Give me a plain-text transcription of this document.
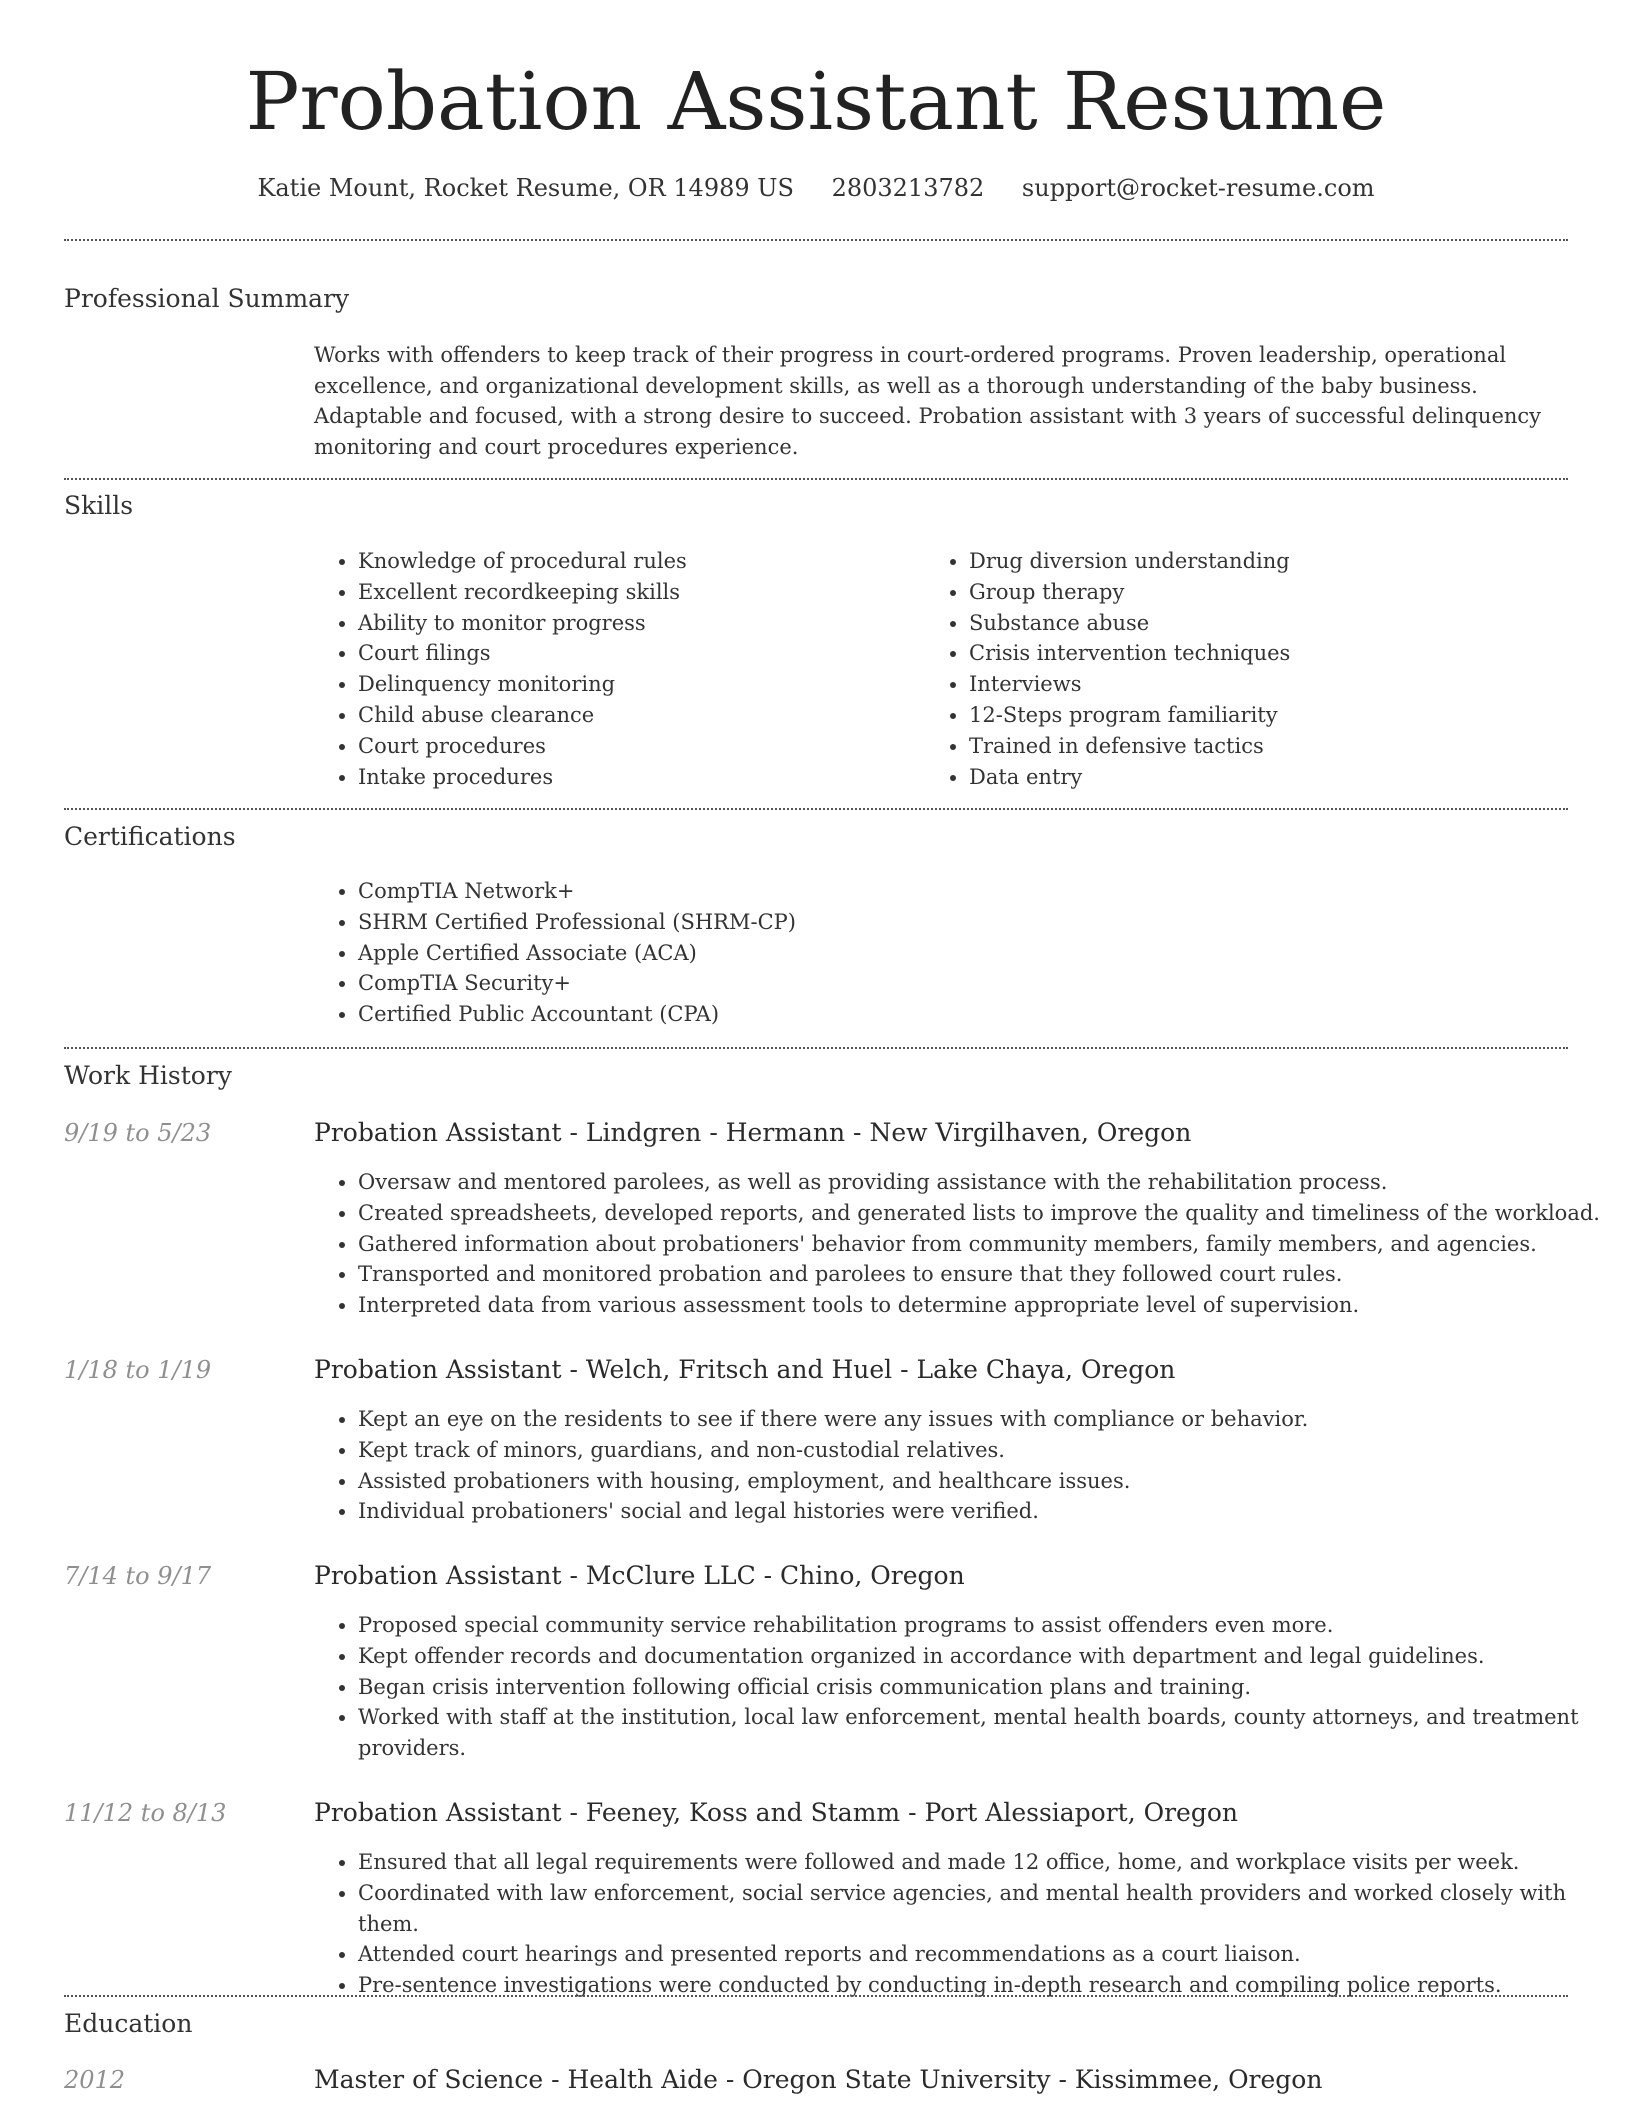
Probation Assistant Resume
Katie Mount, Rocket Resume, OR 14989 US 2803213782 support@rocket-resume.com
Professional Summary
Works with offenders to keep track of their progress in court-ordered programs. Proven leadership, operational excellence, and organizational development skills, as well as a thorough understanding of the baby business. Adaptable and focused, with a strong desire to succeed. Probation assistant with 3 years of successful delinquency monitoring and court procedures experience.
Skills
• Knowledge of procedural rules
• Excellent recordkeeping skills
• Ability to monitor progress
• Court filings
• Delinquency monitoring
• Child abuse clearance
• Court procedures
• Intake procedures
• Drug diversion understanding
• Group therapy
• Substance abuse
• Crisis intervention techniques
• Interviews
• 12-Steps program familiarity
• Trained in defensive tactics
• Data entry
Certifications
• CompTIA Network+
• SHRM Certified Professional (SHRM-CP)
• Apple Certified Associate (ACA)
• CompTIA Security+
• Certified Public Accountant (CPA)
Work History
9/19 to 5/23	Probation Assistant - Lindgren - Hermann - New Virgilhaven, Oregon
• Oversaw and mentored parolees, as well as providing assistance with the rehabilitation process.
• Created spreadsheets, developed reports, and generated lists to improve the quality and timeliness of the workload.
• Gathered information about probationers' behavior from community members, family members, and agencies.
• Transported and monitored probation and parolees to ensure that they followed court rules.
• Interpreted data from various assessment tools to determine appropriate level of supervision.
1/18 to 1/19	Probation Assistant - Welch, Fritsch and Huel - Lake Chaya, Oregon
• Kept an eye on the residents to see if there were any issues with compliance or behavior.
• Kept track of minors, guardians, and non-custodial relatives.
• Assisted probationers with housing, employment, and healthcare issues.
• Individual probationers' social and legal histories were verified.
7/14 to 9/17	Probation Assistant - McClure LLC - Chino, Oregon
• Proposed special community service rehabilitation programs to assist offenders even more.
• Kept offender records and documentation organized in accordance with department and legal guidelines.
• Began crisis intervention following official crisis communication plans and training.
• Worked with staff at the institution, local law enforcement, mental health boards, county attorneys, and treatment providers.
11/12 to 8/13	Probation Assistant - Feeney, Koss and Stamm - Port Alessiaport, Oregon
• Ensured that all legal requirements were followed and made 12 office, home, and workplace visits per week.
• Coordinated with law enforcement, social service agencies, and mental health providers and worked closely with them.
• Attended court hearings and presented reports and recommendations as a court liaison.
• Pre-sentence investigations were conducted by conducting in-depth research and compiling police reports.
Education
2012	Master of Science - Health Aide - Oregon State University - Kissimmee, Oregon
